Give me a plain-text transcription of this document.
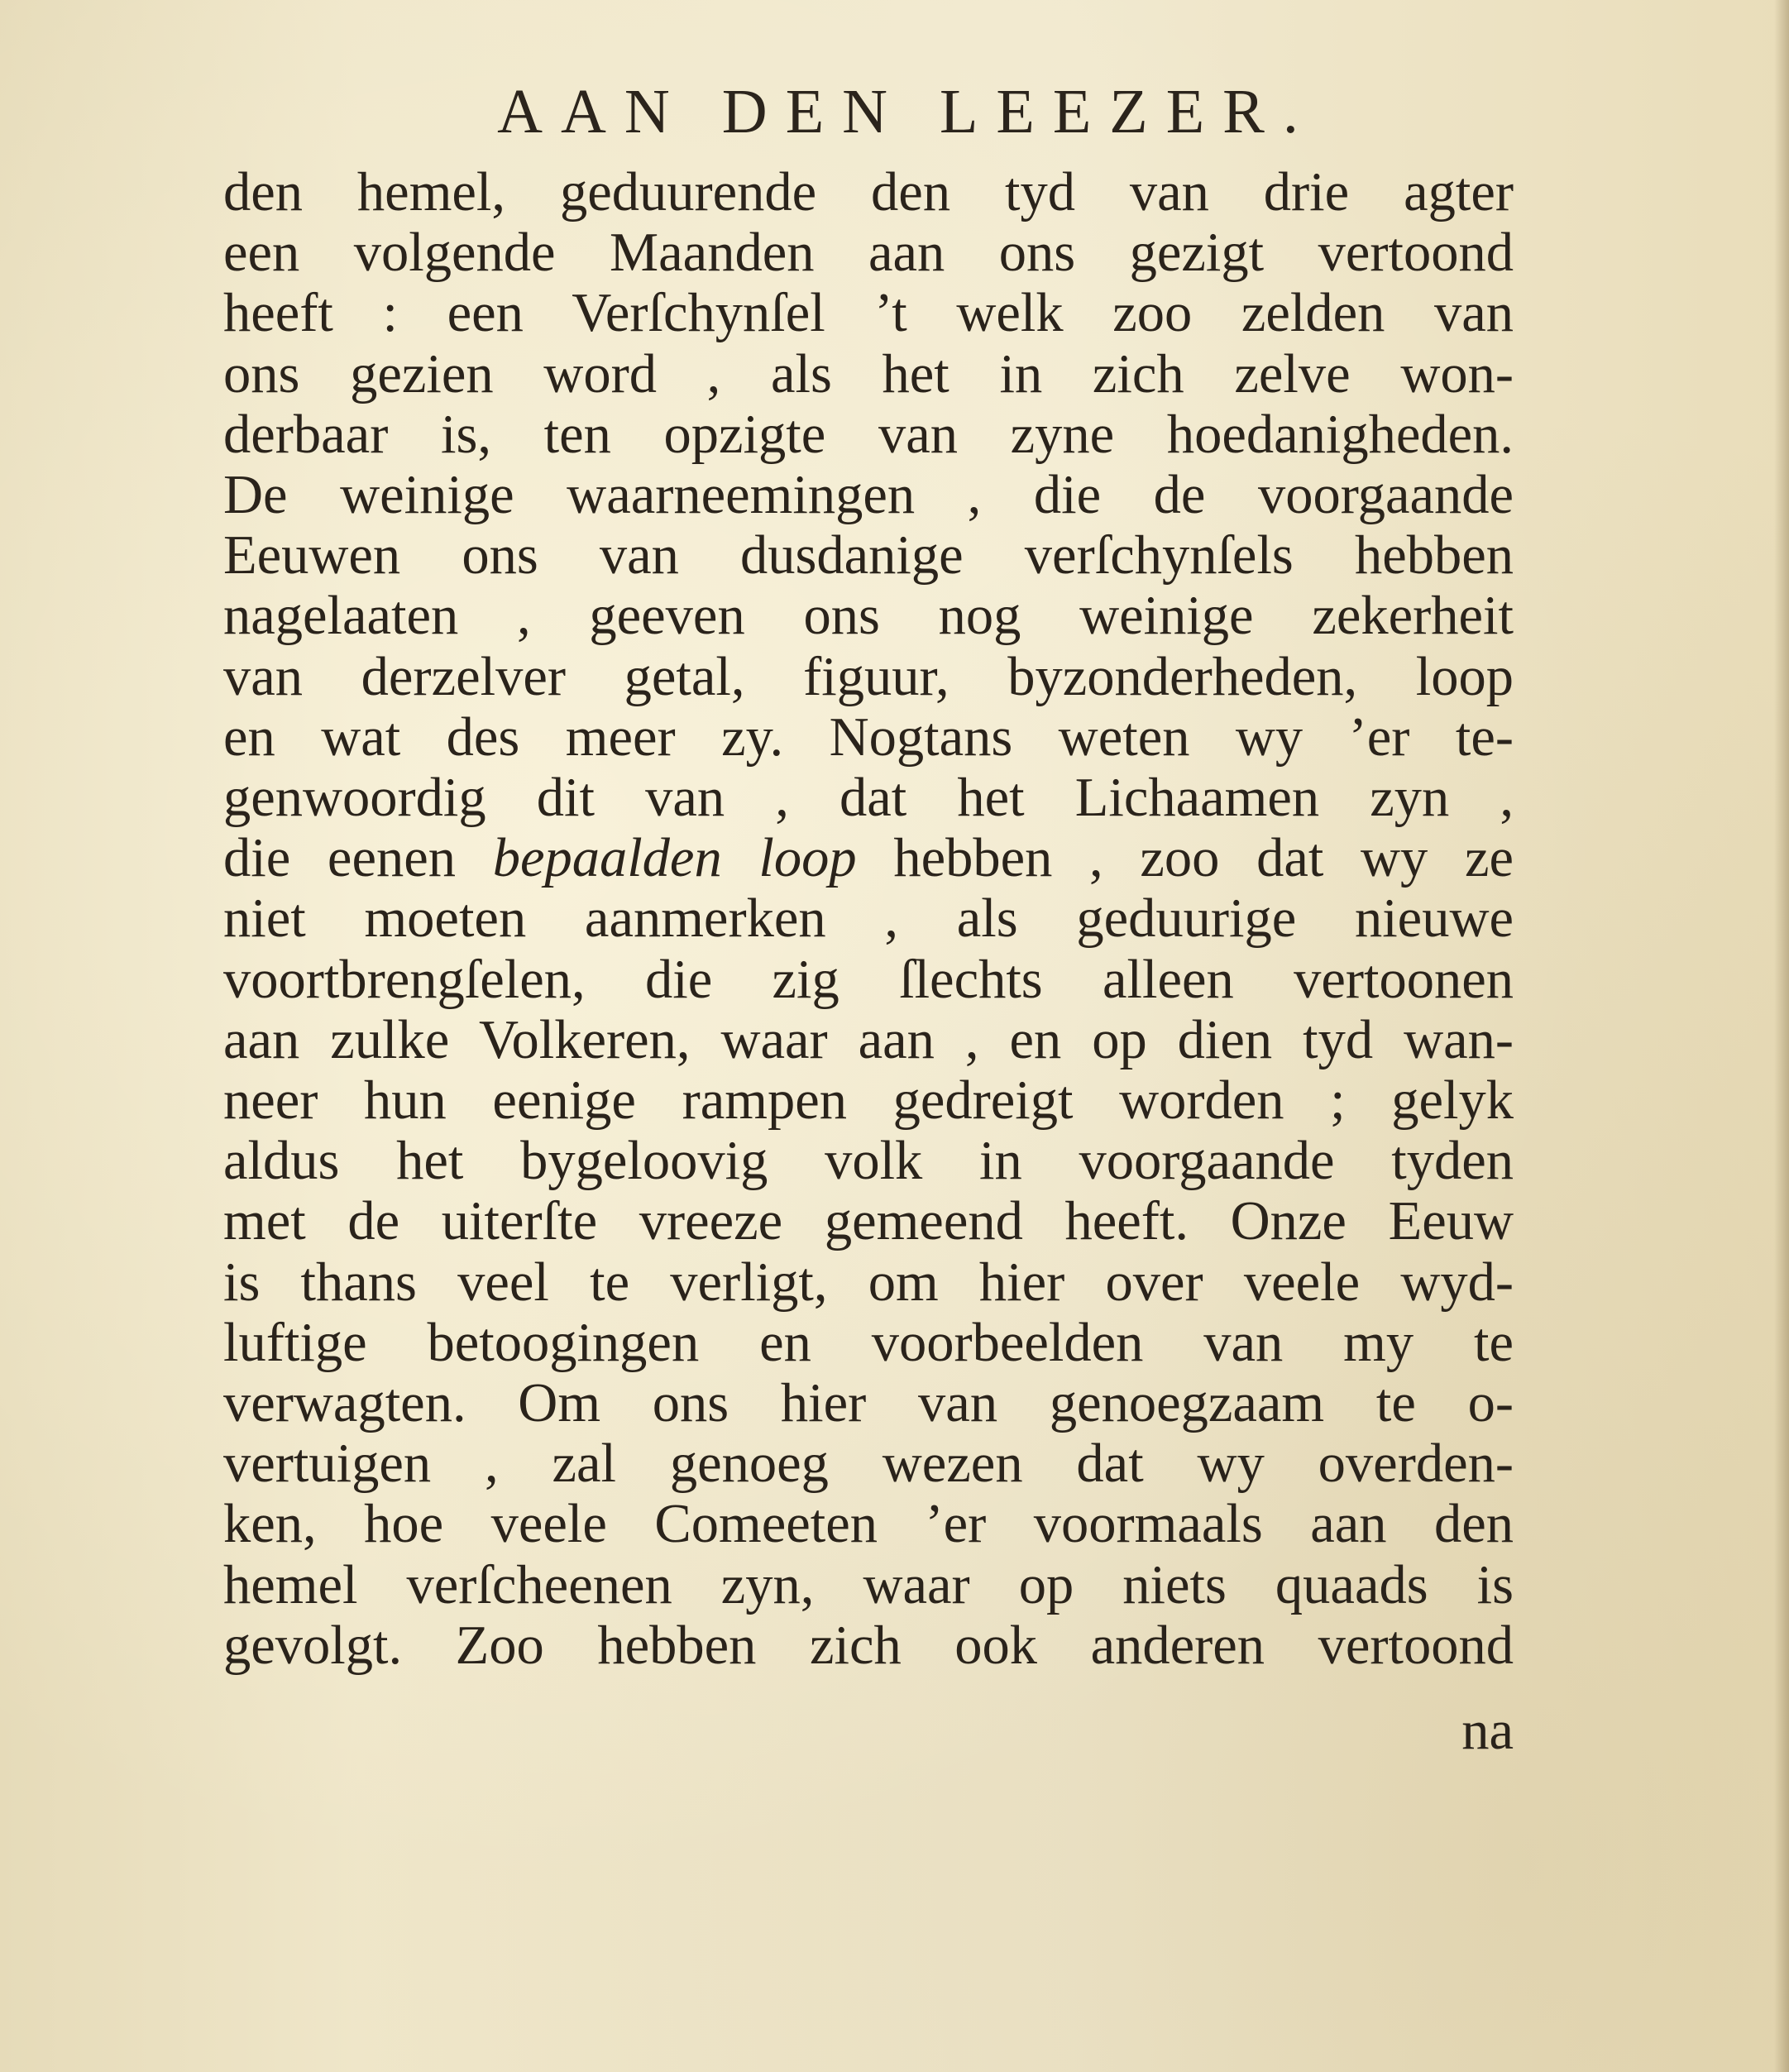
AAN DEN LEEZER.
den hemel, geduurende den tyd van drie agter
een volgende Maanden aan ons gezigt vertoond
heeft : een Verſchynſel ’t welk zoo zelden van
ons gezien word , als het in zich zelve won-
derbaar is, ten opzigte van zyne hoedanigheden.
De weinige waarneemingen , die de voorgaande
Eeuwen ons van dusdanige verſchynſels hebben
nagelaaten , geeven ons nog weinige zekerheit
van derzelver getal, figuur, byzonderheden, loop
en wat des meer zy. Nogtans weten wy ’er te-
genwoordig dit van , dat het Lichaamen zyn ,
die eenen bepaalden loop hebben , zoo dat wy ze
niet moeten aanmerken , als geduurige nieuwe
voortbrengſelen, die zig ſlechts alleen vertoonen
aan zulke Volkeren, waar aan , en op dien tyd wan-
neer hun eenige rampen gedreigt worden ; gelyk
aldus het bygeloovig volk in voorgaande tyden
met de uiterſte vreeze gemeend heeft. Onze Eeuw
is thans veel te verligt, om hier over veele wyd-
luftige betoogingen en voorbeelden van my te
verwagten. Om ons hier van genoegzaam te o-
vertuigen , zal genoeg wezen dat wy overden-
ken, hoe veele Comeeten ’er voormaals aan den
hemel verſcheenen zyn, waar op niets quaads is
gevolgt. Zoo hebben zich ook anderen vertoond
na
